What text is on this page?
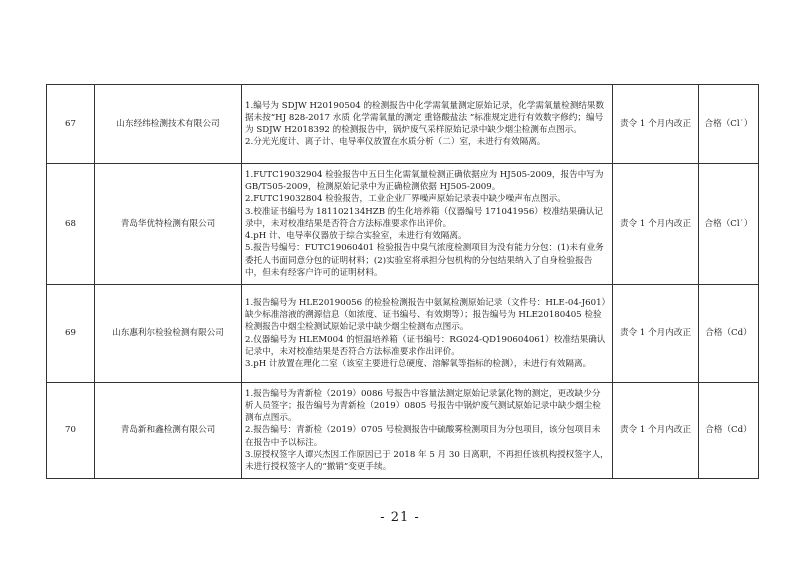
67	山东经纬检测技术有限公司	1.编号为 SDJW H20190504 的检测报告中化学需氧量测定原始记录，化学需氧量检测结果数据未按“HJ 828-2017 水质 化学需氧量的测定 重铬酸盐法 ”标准规定进行有效数字修约；编号为 SDJW H2018392 的检测报告中，锅炉废气采样原始记录中缺少烟尘检测布点图示。
2.分光光度计、离子计、电导率仪放置在水质分析（二）室，未进行有效隔离。	责令 1 个月内改正	合格（Cl˙）
68	青岛华优特检测有限公司	1.FUTC19032904 检验报告中五日生化需氧量检测正确依据应为 HJ505-2009，报告中写为 GB/T505-2009，检测原始记录中为正确检测依据 HJ505-2009。
2.FUTC19032804 检验报告，工业企业厂界噪声原始记录表中缺少噪声布点图示。
3.校准证书编号为 181102134HZB 的生化培养箱（仪器编号 171041956）校准结果确认记录中，未对校准结果是否符合方法标准要求作出评价。
4.pH 计、电导率仪器放于综合实验室，未进行有效隔离。
5.报告号编号：FUTC19060401 检验报告中臭气浓度检测项目为没有能力分包：(1)未有业务委托人书面同意分包的证明材料；(2)实验室将承担分包机构的分包结果纳入了自身检验报告中，但未有经客户许可的证明材料。	责令 1 个月内改正	合格（Cl˙）
69	山东惠利尔检验检测有限公司	1.报告编号为 HLE20190056 的检验检测报告中氨氮检测原始记录（文件号：HLE-04-J601）缺少标准溶液的溯源信息（如浓度、证书编号、有效期等）；报告编号为 HLE20180405 检验检测报告中烟尘检测试原始记录中缺少烟尘检测布点图示。
2.仪器编号为 HLEM004 的恒温培养箱（证书编号：RG024-QD190604061）校准结果确认记录中，未对校准结果是否符合方法标准要求作出评价。
3.pH 计放置在理化二室（该室主要进行总硬度、溶解氧等指标的检测），未进行有效隔离。	责令 1 个月内改正	合格（Cd）
70	青岛新和鑫检测有限公司	1.报告编号为青新检（2019）0086 号报告中容量法测定原始记录氯化物的测定，更改缺少分析人员签字；报告编号为青新检（2019）0805 号报告中锅炉废气测试原始记录中缺少烟尘检测布点图示。
2.报告编号：青新检（2019）0705 号检测报告中硫酸雾检测项目为分包项目，该分包项目未在报告中予以标注。
3.原授权签字人谭兴杰因工作原因已于 2018 年 5 月 30 日离职，不再担任该机构授权签字人，未进行授权签字人的“撤销”变更手续。	责令 1 个月内改正	合格（Cd）
- 21 -
